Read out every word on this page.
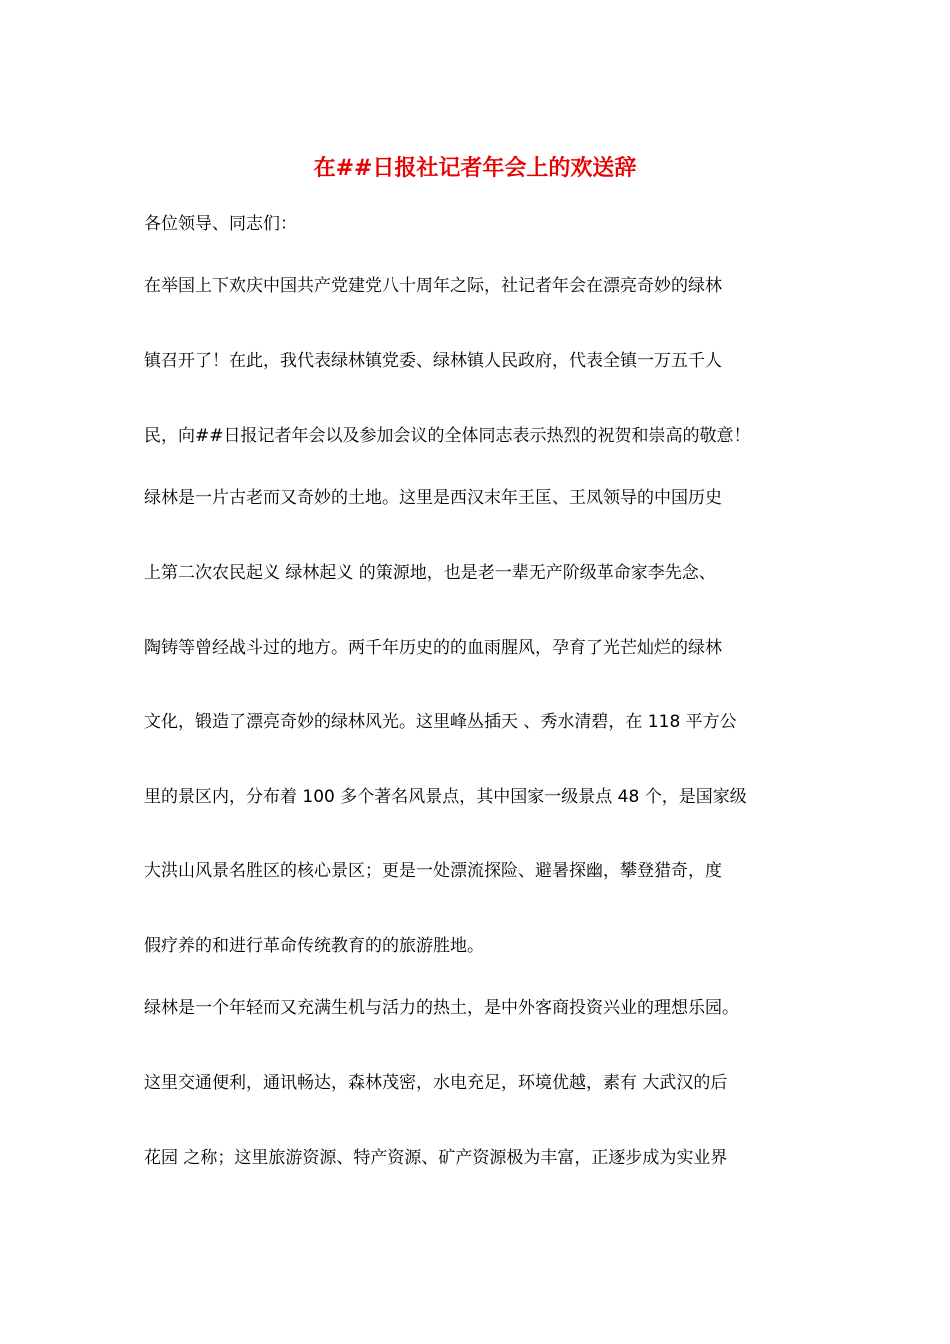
在##日报社记者年会上的欢送辞

各位领导、同志们：

在举国上下欢庆中国共产党建党八十周年之际，社记者年会在漂亮奇妙的绿林

镇召开了！在此，我代表绿林镇党委、绿林镇人民政府，代表全镇一万五千人

民，向##日报记者年会以及参加会议的全体同志表示热烈的祝贺和崇高的敬意！

绿林是一片古老而又奇妙的土地。这里是西汉末年王匡、王凤领导的中国历史

上第二次农民起义 绿林起义 的策源地，也是老一辈无产阶级革命家李先念、

陶铸等曾经战斗过的地方。两千年历史的的血雨腥风，孕育了光芒灿烂的绿林

文化，锻造了漂亮奇妙的绿林风光。这里峰丛插天 、秀水清碧，在 118 平方公

里的景区内，分布着 100 多个著名风景点，其中国家一级景点 48 个，是国家级

大洪山风景名胜区的核心景区；更是一处漂流探险、避暑探幽，攀登猎奇，度

假疗养的和进行革命传统教育的的旅游胜地。

绿林是一个年轻而又充满生机与活力的热土，是中外客商投资兴业的理想乐园。

这里交通便利，通讯畅达，森林茂密，水电充足，环境优越，素有 大武汉的后

花园 之称；这里旅游资源、特产资源、矿产资源极为丰富，正逐步成为实业界
